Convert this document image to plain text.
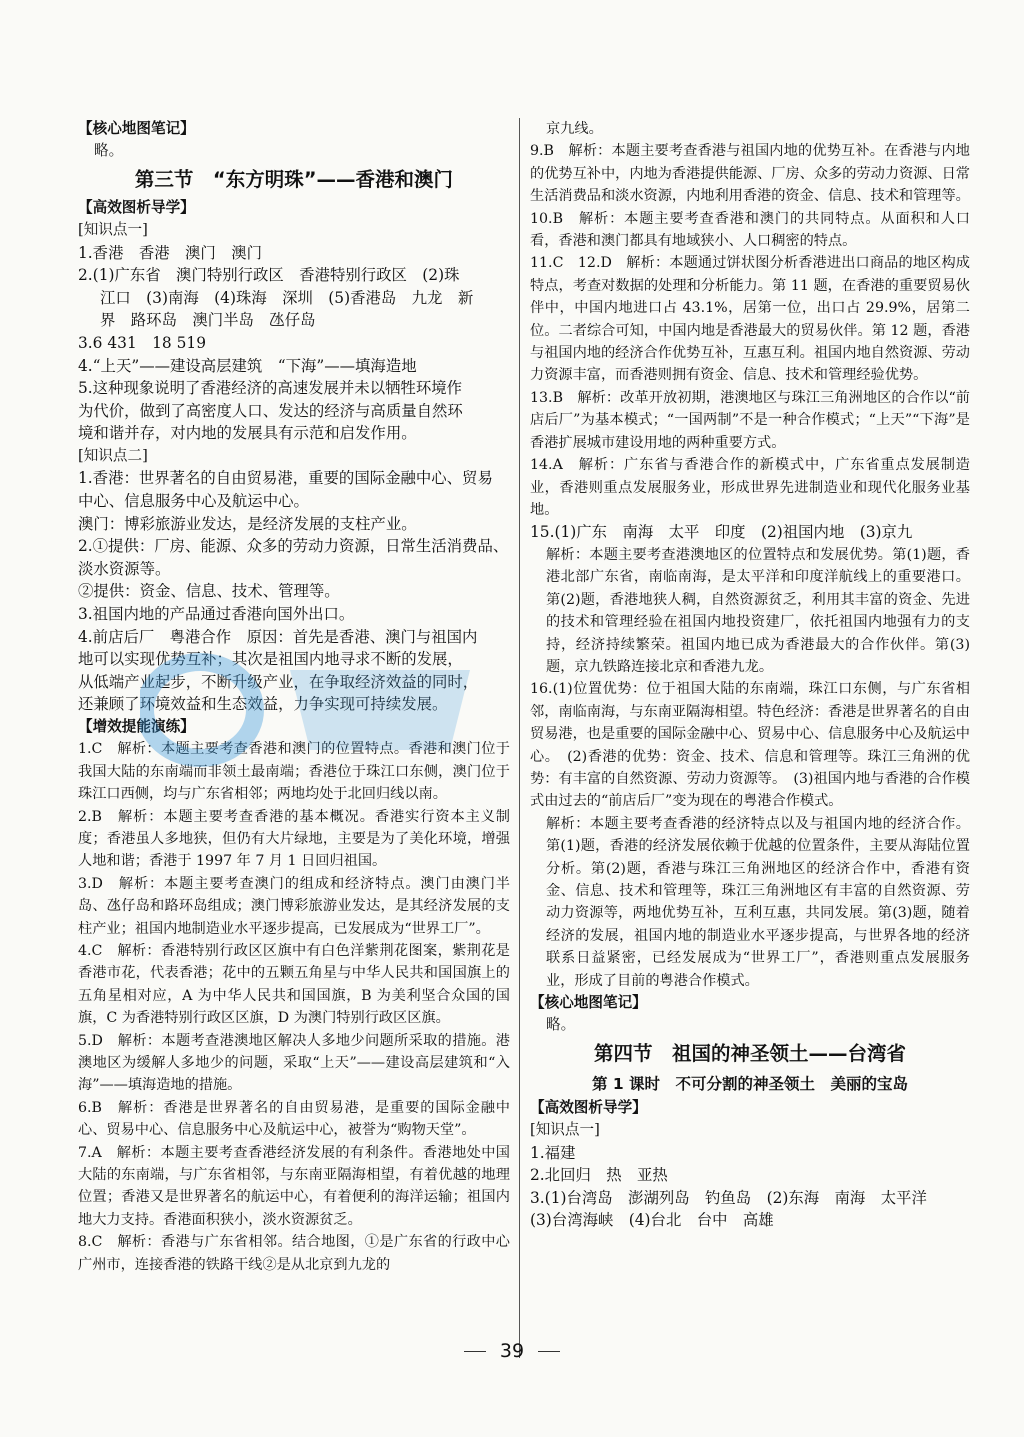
【核心地图笔记】

略。

第三节　“东方明珠”——香港和澳门

【高效图析导学】

[知识点一]

1.香港　香港　澳门　澳门

2.(1)广东省　澳门特别行政区　香港特别行政区　(2)珠

江口　(3)南海　(4)珠海　深圳　(5)香港岛　九龙　新

界　路环岛　澳门半岛　氹仔岛

3.6 431　18 519

4.“上天”——建设高层建筑　“下海”——填海造地

5.这种现象说明了香港经济的高速发展并未以牺牲环境作

为代价，做到了高密度人口、发达的经济与高质量自然环

境和谐并存，对内地的发展具有示范和启发作用。

[知识点二]

1.香港：世界著名的自由贸易港，重要的国际金融中心、贸易

中心、信息服务中心及航运中心。

澳门：博彩旅游业发达，是经济发展的支柱产业。

2.①提供：厂房、能源、众多的劳动力资源，日常生活消费品、

淡水资源等。

②提供：资金、信息、技术、管理等。

3.祖国内地的产品通过香港向国外出口。

4.前店后厂　粤港合作　原因：首先是香港、澳门与祖国内

地可以实现优势互补；其次是祖国内地寻求不断的发展，

从低端产业起步，不断升级产业，在争取经济效益的同时，

还兼顾了环境效益和生态效益，力争实现可持续发展。

【增效提能演练】

1.C　解析：本题主要考查香港和澳门的位置特点。香港和澳门位于我国大陆的东南端而非领土最南端；香港位于珠江口东侧，澳门位于珠江口西侧，均与广东省相邻；两地均处于北回归线以南。

2.B　解析：本题主要考查香港的基本概况。香港实行资本主义制度；香港虽人多地狭，但仍有大片绿地，主要是为了美化环境，增强人地和谐；香港于 1997 年 7 月 1 日回归祖国。

3.D　解析：本题主要考查澳门的组成和经济特点。澳门由澳门半岛、氹仔岛和路环岛组成；澳门博彩旅游业发达，是其经济发展的支柱产业；祖国内地制造业水平逐步提高，已发展成为“世界工厂”。

4.C　解析：香港特别行政区区旗中有白色洋紫荆花图案，紫荆花是香港市花，代表香港；花中的五颗五角星与中华人民共和国国旗上的五角星相对应，A 为中华人民共和国国旗，B 为美利坚合众国的国旗，C 为香港特别行政区区旗，D 为澳门特别行政区区旗。

5.D　解析：本题考查港澳地区解决人多地少问题所采取的措施。港澳地区为缓解人多地少的问题，采取“上天”——建设高层建筑和“入海”——填海造地的措施。

6.B　解析：香港是世界著名的自由贸易港，是重要的国际金融中心、贸易中心、信息服务中心及航运中心，被誉为“购物天堂”。

7.A　解析：本题主要考查香港经济发展的有利条件。香港地处中国大陆的东南端，与广东省相邻，与东南亚隔海相望，有着优越的地理位置；香港又是世界著名的航运中心，有着便利的海洋运输；祖国内地大力支持。香港面积狭小，淡水资源贫乏。

8.C　解析：香港与广东省相邻。结合地图，①是广东省的行政中心广州市，连接香港的铁路干线②是从北京到九龙的

京九线。

9.B　解析：本题主要考查香港与祖国内地的优势互补。在香港与内地的优势互补中，内地为香港提供能源、厂房、众多的劳动力资源、日常生活消费品和淡水资源，内地利用香港的资金、信息、技术和管理等。

10.B　解析：本题主要考查香港和澳门的共同特点。从面积和人口看，香港和澳门都具有地域狭小、人口稠密的特点。

11.C　12.D　解析：本题通过饼状图分析香港进出口商品的地区构成特点，考查对数据的处理和分析能力。第 11 题，在香港的重要贸易伙伴中，中国内地进口占 43.1%，居第一位，出口占 29.9%，居第二位。二者综合可知，中国内地是香港最大的贸易伙伴。第 12 题，香港与祖国内地的经济合作优势互补，互惠互利。祖国内地自然资源、劳动力资源丰富，而香港则拥有资金、信息、技术和管理经验优势。

13.B　解析：改革开放初期，港澳地区与珠江三角洲地区的合作以“前店后厂”为基本模式；“一国两制”不是一种合作模式；“上天”“下海”是香港扩展城市建设用地的两种重要方式。

14.A　解析：广东省与香港合作的新模式中，广东省重点发展制造业，香港则重点发展服务业，形成世界先进制造业和现代化服务业基地。

15.(1)广东　南海　太平　印度　(2)祖国内地　(3)京九

解析：本题主要考查港澳地区的位置特点和发展优势。第(1)题，香港北部广东省，南临南海，是太平洋和印度洋航线上的重要港口。第(2)题，香港地狭人稠，自然资源贫乏，利用其丰富的资金、先进的技术和管理经验在祖国内地投资建厂，依托祖国内地强有力的支持，经济持续繁荣。祖国内地已成为香港最大的合作伙伴。第(3)题，京九铁路连接北京和香港九龙。

16.(1)位置优势：位于祖国大陆的东南端，珠江口东侧，与广东省相邻，南临南海，与东南亚隔海相望。特色经济：香港是世界著名的自由贸易港，也是重要的国际金融中心、贸易中心、信息服务中心及航运中心。　(2)香港的优势：资金、技术、信息和管理等。珠江三角洲的优势：有丰富的自然资源、劳动力资源等。　(3)祖国内地与香港的合作模式由过去的“前店后厂”变为现在的粤港合作模式。

解析：本题主要考查香港的经济特点以及与祖国内地的经济合作。第(1)题，香港的经济发展依赖于优越的位置条件，主要从海陆位置分析。第(2)题，香港与珠江三角洲地区的经济合作中，香港有资金、信息、技术和管理等，珠江三角洲地区有丰富的自然资源、劳动力资源等，两地优势互补，互利互惠，共同发展。第(3)题，随着经济的发展，祖国内地的制造业水平逐步提高，与世界各地的经济联系日益紧密，已经发展成为“世界工厂”，香港则重点发展服务业，形成了目前的粤港合作模式。

【核心地图笔记】

略。

第四节　祖国的神圣领土——台湾省

第 1 课时　不可分割的神圣领土　美丽的宝岛

【高效图析导学】

[知识点一]

1.福建

2.北回归　热　亚热

3.(1)台湾岛　澎湖列岛　钓鱼岛　(2)东海　南海　太平洋

(3)台湾海峡　(4)台北　台中　高雄

39
